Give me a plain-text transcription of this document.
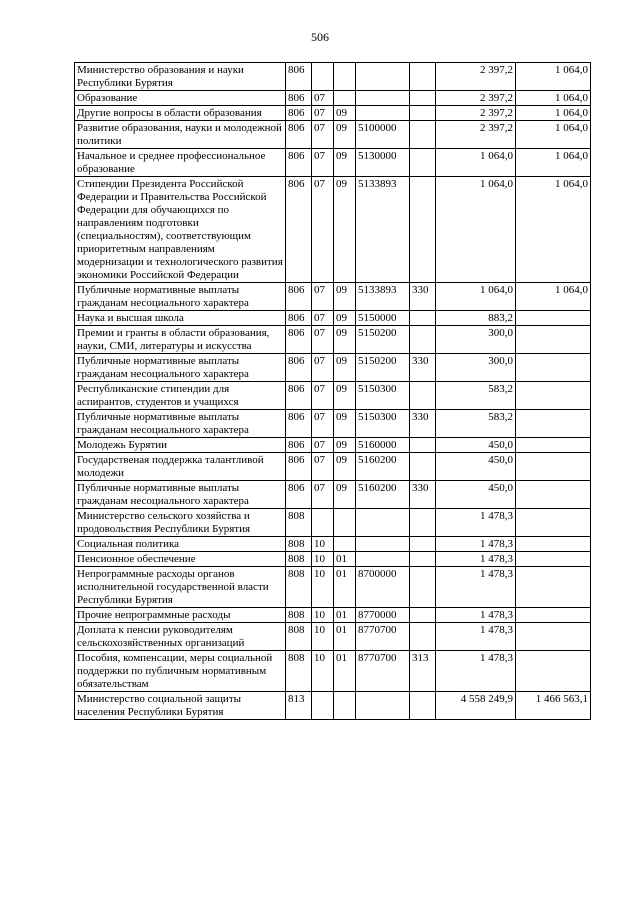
506
Министерство образования и науки Республики Бурятия	806					2 397,2	1 064,0
Образование	806	07				2 397,2	1 064,0
Другие вопросы в области образования	806	07	09			2 397,2	1 064,0
Развитие образования, науки и молодежной политики	806	07	09	5100000		2 397,2	1 064,0
Начальное и среднее профессиональное образование	806	07	09	5130000		1 064,0	1 064,0
Стипендии Президента Российской Федерации и Правительства Российской Федерации для обучающихся по направлениям подготовки (специальностям), соответствующим приоритетным направлениям модернизации и технологического развития экономики Российской Федерации	806	07	09	5133893		1 064,0	1 064,0
Публичные нормативные выплаты гражданам несоциального характера	806	07	09	5133893	330	1 064,0	1 064,0
Наука и высшая школа	806	07	09	5150000		883,2	
Премии и гранты в области образования, науки, СМИ, литературы и искусства	806	07	09	5150200		300,0	
Публичные нормативные выплаты гражданам несоциального характера	806	07	09	5150200	330	300,0	
Республиканские стипендии для аспирантов, студентов и учащихся	806	07	09	5150300		583,2	
Публичные нормативные выплаты гражданам несоциального характера	806	07	09	5150300	330	583,2	
Молодежь Бурятии	806	07	09	5160000		450,0	
Государственая поддержка талантливой молодежи	806	07	09	5160200		450,0	
Публичные нормативные выплаты гражданам несоциального характера	806	07	09	5160200	330	450,0	
Министерство сельского хозяйства и продовольствия Республики Бурятия	808					1 478,3	
Социальная политика	808	10				1 478,3	
Пенсионное обеспечение	808	10	01			1 478,3	
Непрограммные расходы органов исполнительной государственной власти Республики Бурятия	808	10	01	8700000		1 478,3	
Прочие непрограммные расходы	808	10	01	8770000		1 478,3	
Доплата к пенсии руководителям сельскохозяйственных организаций	808	10	01	8770700		1 478,3	
Пособия, компенсации, меры социальной поддержки по публичным нормативным обязательствам	808	10	01	8770700	313	1 478,3	
Министерство социальной защиты населения Республики Бурятия	813					4 558 249,9	1 466 563,1
